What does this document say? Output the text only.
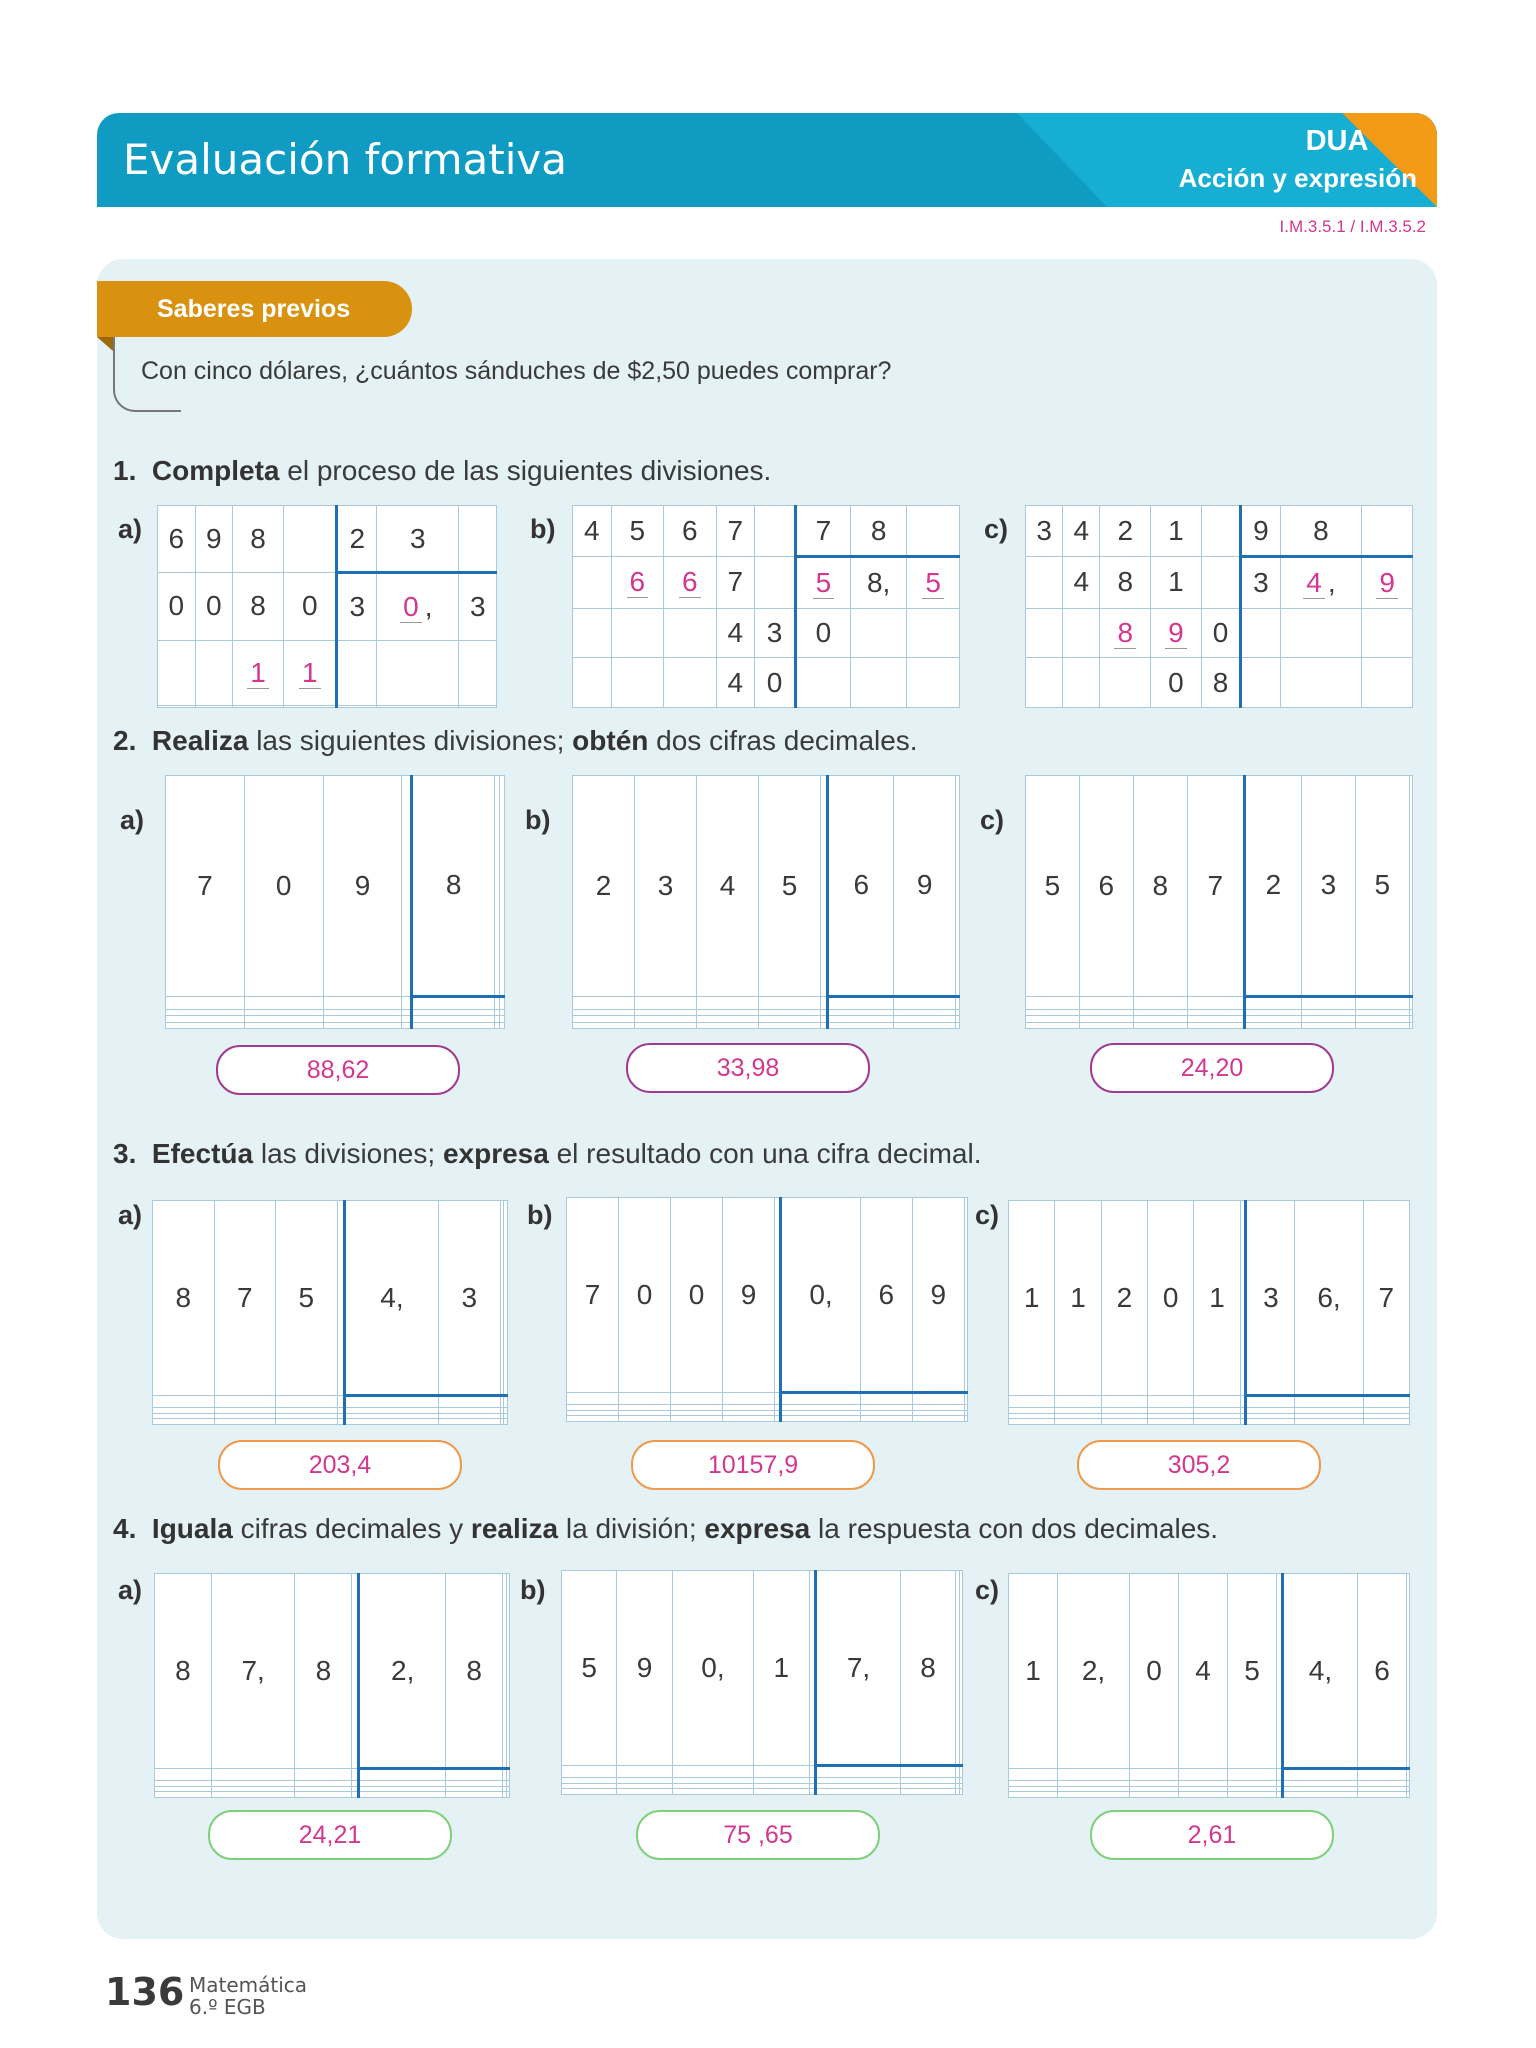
Evaluación formativa	DUA
Acción y expresión
I.M.3.5.1 / I.M.3.5.2
Saberes previos
Con cinco dólares, ¿cuántos sánduches de $2,50 puedes comprar?
1. Completa el proceso de las siguientes divisiones.
a)	b)	c)
6	9	8		2	3	
0	0	8	0	3	0 ,	3
		1	1			

4	5	6	7		7	8	
	6	6	7		5	8,	5
			4	3	0		
			4	0			
3	4	2	1		9	8	
	4	8	1		3	4 ,	9
		8	9	0			
			0	8			
2. Realiza las siguientes divisiones; obtén dos cifras decimales.
a)	b)	c)
7	0	9		8		

							2	3	4	5		6	9	

								5	6	8	7	2	3	5	

88,62	33,98	24,20
3. Efectúa las divisiones; expresa el resultado con una cifra decimal.
a)	b)	c)
8	7	5		4,	3		

								7	0	0	9		0,	6	9	

									1	1	2	0	1		3	6,	7

203,4	10157,9	305,2
4. Iguala cifras decimales y realiza la división; expresa la respuesta con dos decimales.
a)	b)	c)
8	7,	8		2,	8		

								5	9	0,	1		7,	8		

									1	2,	0	4	5		4,	6	

24,21	75 ,65	2,61
136 Matemática
6.º EGB
